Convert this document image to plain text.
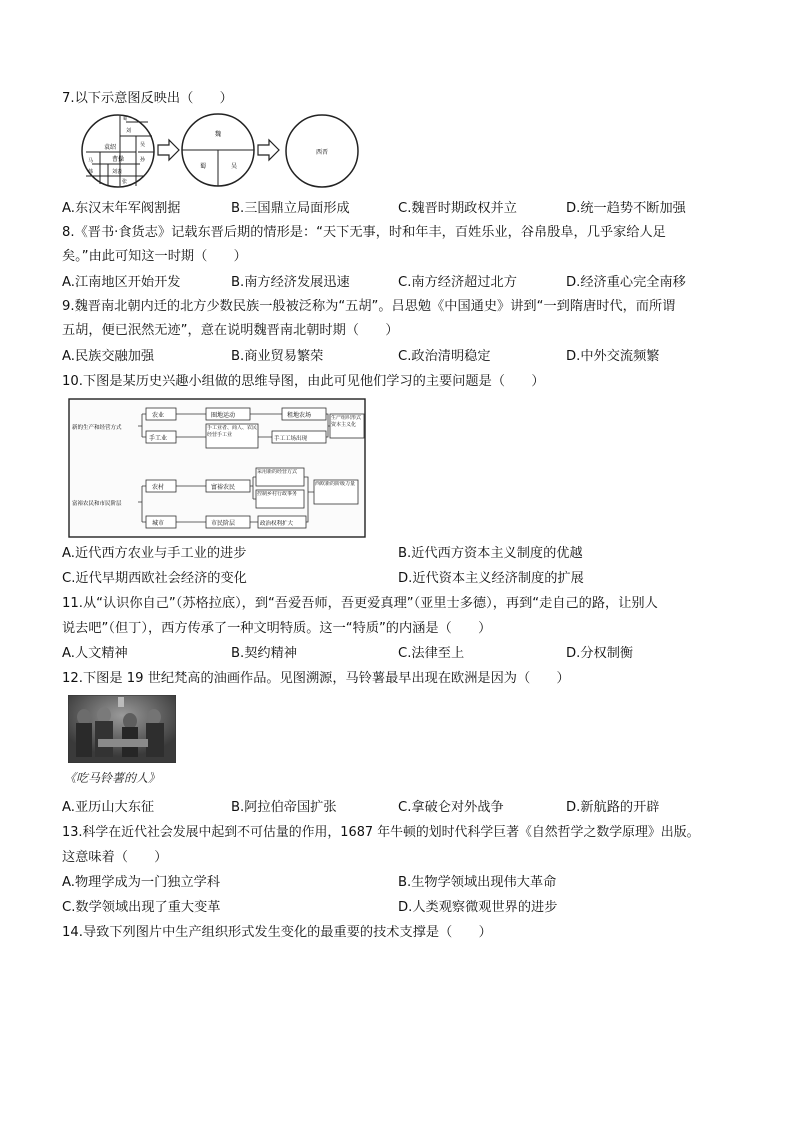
7.以下示意图反映出（　　）
蜀
刘
吴
袁绍
曹操	孙
刘表
马
韩
张
魏
蜀	吴
西晋
A.东汉末年军阀割据	B.三国鼎立局面形成	C.魏晋时期政权并立	D.统一趋势不断加强
8.《晋书·食货志》记载东晋后期的情形是：“天下无事，时和年丰，百姓乐业，谷帛殷阜，几乎家给人足
矣。”由此可知这一时期（　　）
A.江南地区开始开发	B.南方经济发展迅速	C.南方经济超过北方	D.经济重心完全南移
9.魏晋南北朝内迁的北方少数民族一般被泛称为“五胡”。吕思勉《中国通史》讲到“一到隋唐时代，而所谓
五胡，便已泯然无迹”，意在说明魏晋南北朝时期（　　）
A.民族交融加强	B.商业贸易繁荣	C.政治清明稳定	D.中外交流频繁
10.下图是某历史兴趣小组做的思维导图，由此可见他们学习的主要问题是（　　）
新的生产和经营方式
农业	圈地运动	租地农场
手工业
手工业者、商人、农民经营手工业
手工工场出现
生产组织形式资本主义化
富裕农民和市民阶层
农村	富裕农民
采用新的经营方式
控制乡村行政事务
西欧新的阶级力量
城市	市民阶层	政治权利扩大
A.近代西方农业与手工业的进步	B.近代西方资本主义制度的优越
C.近代早期西欧社会经济的变化	D.近代资本主义经济制度的扩展
11.从“认识你自己”（苏格拉底），到“吾爱吾师，吾更爱真理”（亚里士多德），再到“走自己的路，让别人
说去吧”（但丁），西方传承了一种文明特质。这一“特质”的内涵是（　　）
A.人文精神	B.契约精神	C.法律至上	D.分权制衡
12.下图是 19 世纪梵高的油画作品。见图溯源，马铃薯最早出现在欧洲是因为（　　）
《吃马铃薯的人》
A.亚历山大东征	B.阿拉伯帝国扩张	C.拿破仑对外战争	D.新航路的开辟
13.科学在近代社会发展中起到不可估量的作用，1687 年牛顿的划时代科学巨著《自然哲学之数学原理》出版。
这意味着（　　）
A.物理学成为一门独立学科	B.生物学领域出现伟大革命
C.数学领域出现了重大变革	D.人类观察微观世界的进步
14.导致下列图片中生产组织形式发生变化的最重要的技术支撑是（　　）
